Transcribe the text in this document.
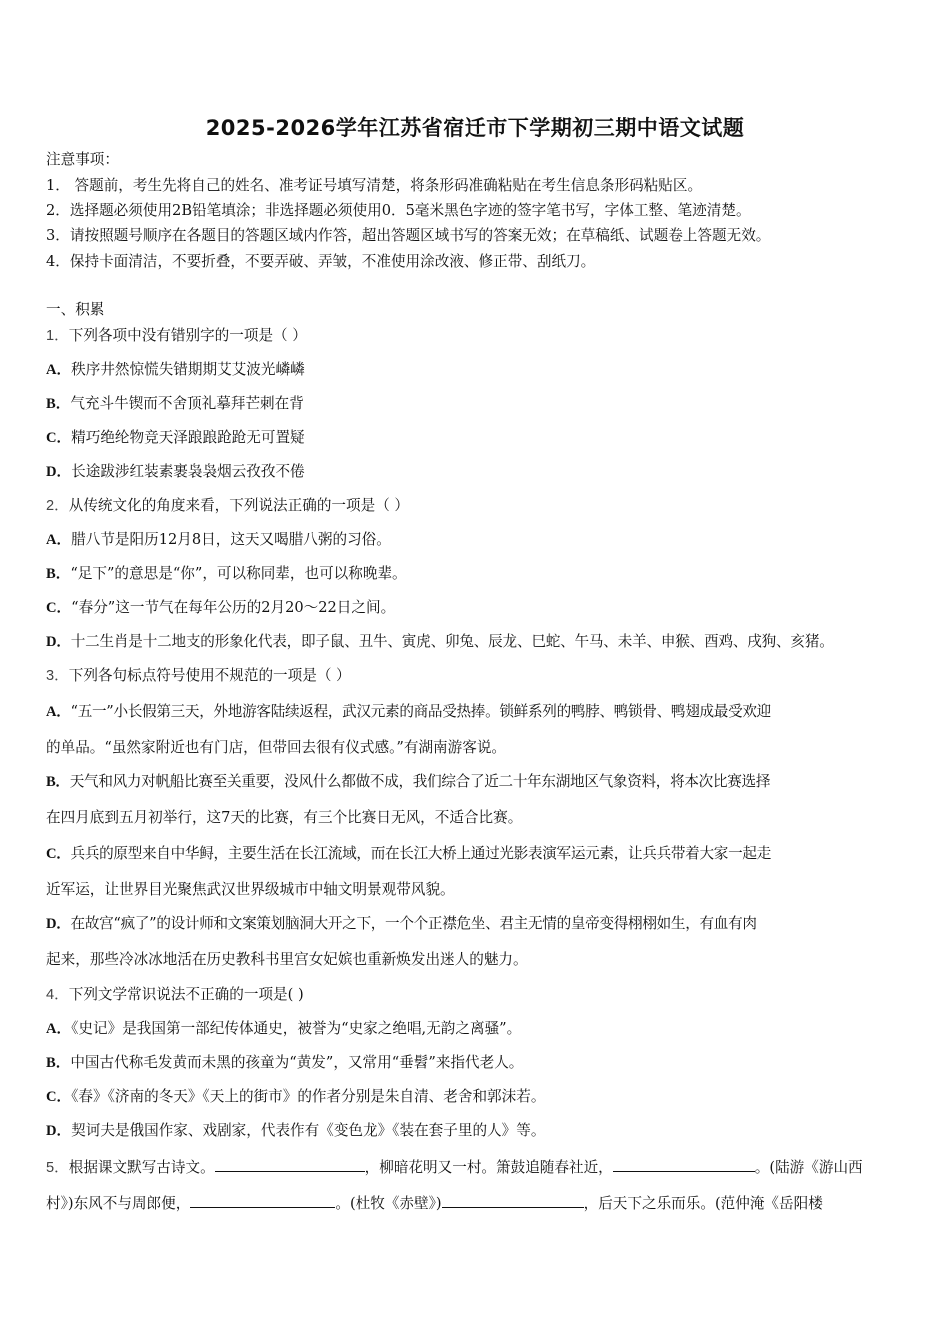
2025-2026学年江苏省宿迁市下学期初三期中语文试题
注意事项：
1． 答题前，考生先将自己的姓名、准考证号填写清楚，将条形码准确粘贴在考生信息条形码粘贴区。
2．选择题必须使用2B铅笔填涂；非选择题必须使用0．5毫米黑色字迹的签字笔书写，字体工整、笔迹清楚。
3．请按照题号顺序在各题目的答题区域内作答，超出答题区域书写的答案无效；在草稿纸、试题卷上答题无效。
4．保持卡面清洁，不要折叠，不要弄破、弄皱，不准使用涂改液、修正带、刮纸刀。
一、积累
1．下列各项中没有错别字的一项是（ ）
A．秩序井然惊慌失错期期艾艾波光嶙嶙
B．气充斗牛锲而不舍顶礼摹拜芒刺在背
C．精巧绝纶物竞天泽踉踉跄跄无可置疑
D．长途跋涉红装素裹袅袅烟云孜孜不倦
2．从传统文化的角度来看，下列说法正确的一项是（ ）
A．腊八节是阳历12月8日，这天又喝腊八粥的习俗。
B．“足下”的意思是“你”，可以称同辈，也可以称晚辈。
C．“春分”这一节气在每年公历的2月20～22日之间。
D．十二生肖是十二地支的形象化代表，即子鼠、丑牛、寅虎、卯兔、辰龙、巳蛇、午马、未羊、申猴、酉鸡、戌狗、亥猪。
3．下列各句标点符号使用不规范的一项是（ ）
A．“五一”小长假第三天，外地游客陆续返程，武汉元素的商品受热捧。锁鲜系列的鸭脖、鸭锁骨、鸭翅成最受欢迎
的单品。“虽然家附近也有门店，但带回去很有仪式感。”有湖南游客说。
B．天气和风力对帆船比赛至关重要，没风什么都做不成，我们综合了近二十年东湖地区气象资料，将本次比赛选择
在四月底到五月初举行，这7天的比赛，有三个比赛日无风，不适合比赛。
C．兵兵的原型来自中华鲟，主要生活在长江流域，而在长江大桥上通过光影表演军运元素，让兵兵带着大家一起走
近军运，让世界目光聚焦武汉世界级城市中轴文明景观带风貌。
D．在故宫“疯了”的设计师和文案策划脑洞大开之下，一个个正襟危坐、君主无情的皇帝变得栩栩如生，有血有肉
起来，那些冷冰冰地活在历史教科书里宫女妃嫔也重新焕发出迷人的魅力。
4．下列文学常识说法不正确的一项是( )
A．《史记》是我国第一部纪传体通史，被誉为“史家之绝唱,无韵之离骚”。
B．中国古代称毛发黄而未黑的孩童为“黄发”，又常用“垂髫”来指代老人。
C．《春》《济南的冬天》《天上的街市》的作者分别是朱自清、老舍和郭沫若。
D．契诃夫是俄国作家、戏剧家，代表作有《变色龙》《装在套子里的人》等。
5．根据课文默写古诗文。	，柳暗花明又一村。箫鼓追随春社近，	。(陆游《游山西
村》)东风不与周郎便，	。(杜牧《赤壁》)	，后天下之乐而乐。(范仲淹《岳阳楼
